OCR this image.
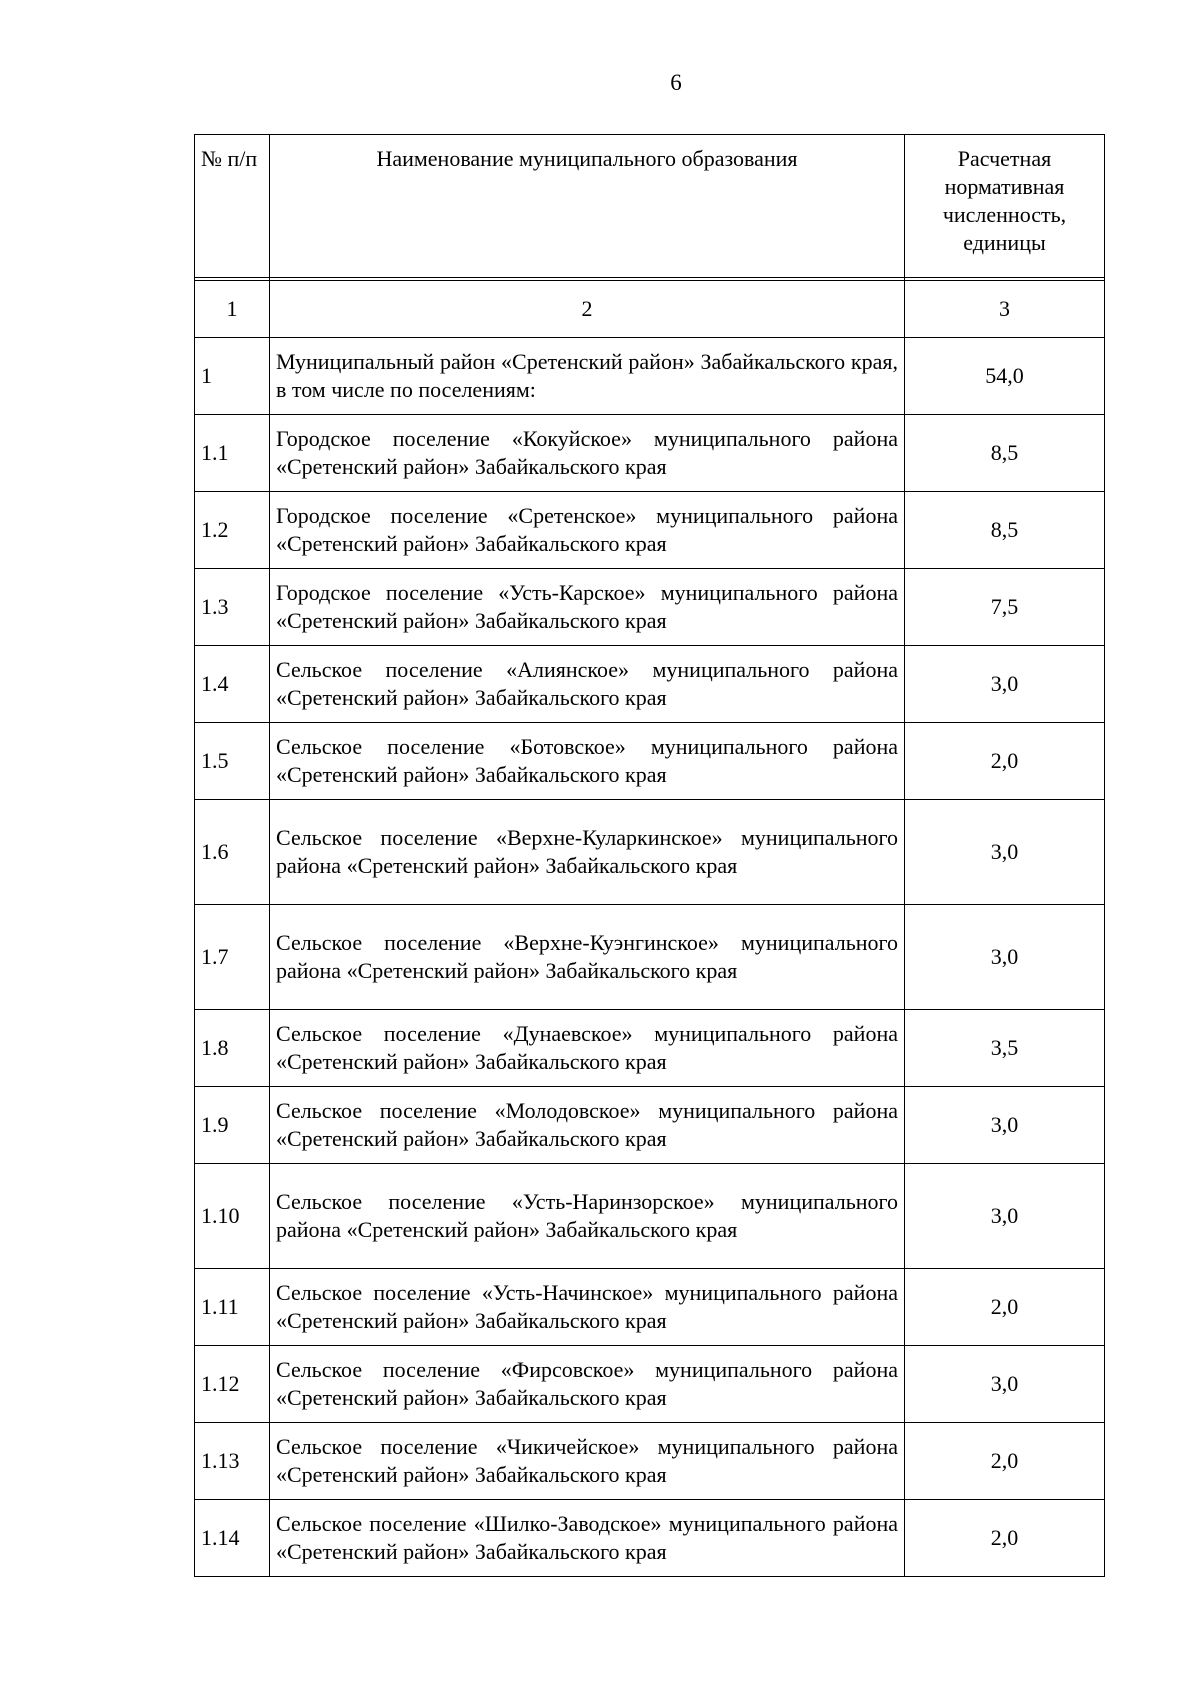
6
№ п/п	Наименование муниципального образования	Расчетная нормативная численность, единицы

1	2	3
1	Муниципальный район «Сретенский район» Забайкальского края, в том числе по поселениям:	54,0
1.1	Городское поселение «Кокуйское» муниципального района «Сретенский район» Забайкальского края	8,5
1.2	Городское поселение «Сретенское» муниципального района «Сретенский район» Забайкальского края	8,5
1.3	Городское поселение «Усть-Карское» муниципального района «Сретенский район» Забайкальского края	7,5
1.4	Сельское поселение «Алиянское» муниципального района «Сретенский район» Забайкальского края	3,0
1.5	Сельское поселение «Ботовское» муниципального района «Сретенский район» Забайкальского края	2,0
1.6	Сельское поселение «Верхне-Куларкинское» муниципального района «Сретенский район» Забайкальского края	3,0
1.7	Сельское поселение «Верхне-Куэнгинское» муниципального района «Сретенский район» Забайкальского края	3,0
1.8	Сельское поселение «Дунаевское» муниципального района «Сретенский район» Забайкальского края	3,5
1.9	Сельское поселение «Молодовское» муниципального района «Сретенский район» Забайкальского края	3,0
1.10	Сельское поселение «Усть-Наринзорское» муниципального района «Сретенский район» Забайкальского края	3,0
1.11	Сельское поселение «Усть-Начинское» муниципального района «Сретенский район» Забайкальского края	2,0
1.12	Сельское поселение «Фирсовское» муниципального района «Сретенский район» Забайкальского края	3,0
1.13	Сельское поселение «Чикичейское» муниципального района «Сретенский район» Забайкальского края	2,0
1.14	Сельское поселение «Шилко-Заводское» муниципального района «Сретенский район» Забайкальского края	2,0
